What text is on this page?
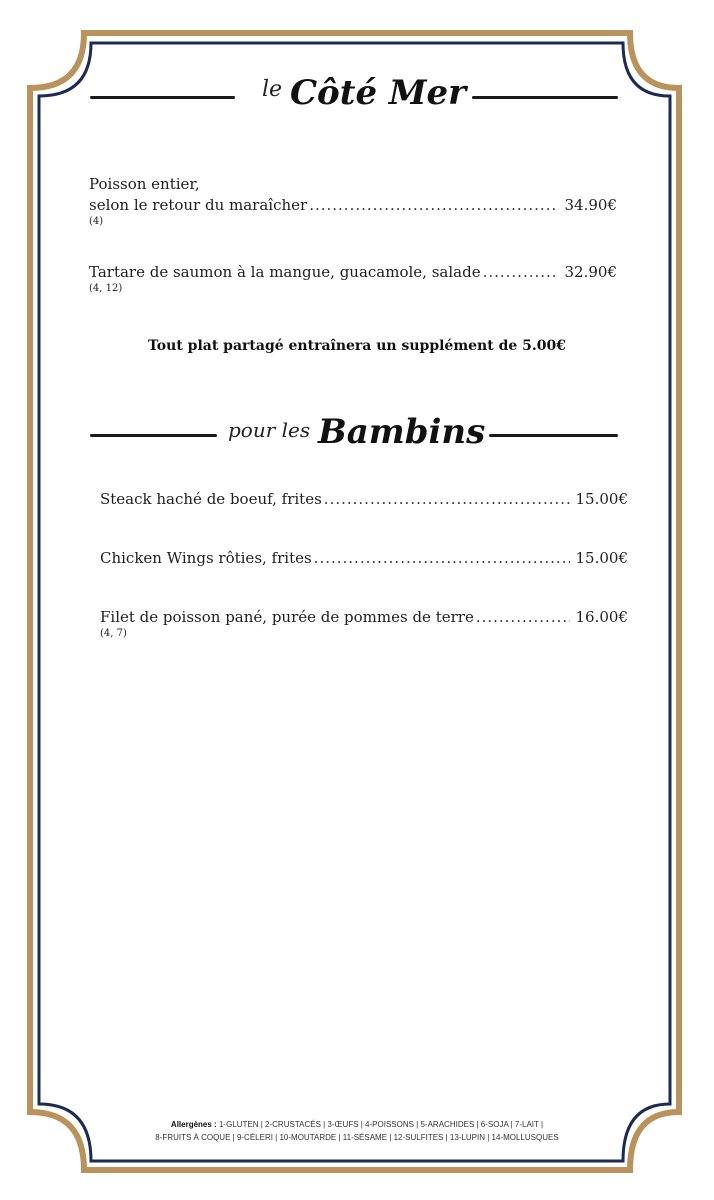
le Côté Mer
Poisson entier,
selon le retour du maraîcher .....	34.90€
(4)
Tartare de saumon à la mangue, guacamole, salade .....	32.90€
(4, 12)
Tout plat partagé entraînera un supplément de 5.00€
pour les Bambins
Steack haché de boeuf, frites .....	15.00€
Chicken Wings rôties, frites .....	15.00€
Filet de poisson pané, purée de pommes de terre .....	16.00€
(4, 7)
Allergènes : 1-GLUTEN | 2-CRUSTACÉS | 3-ŒUFS | 4-POISSONS | 5-ARACHIDES | 6-SOJA | 7-LAIT |
8-FRUITS À COQUE | 9-CÉLERI | 10-MOUTARDE | 11-SÉSAME | 12-SULFITES | 13-LUPIN | 14-MOLLUSQUES
